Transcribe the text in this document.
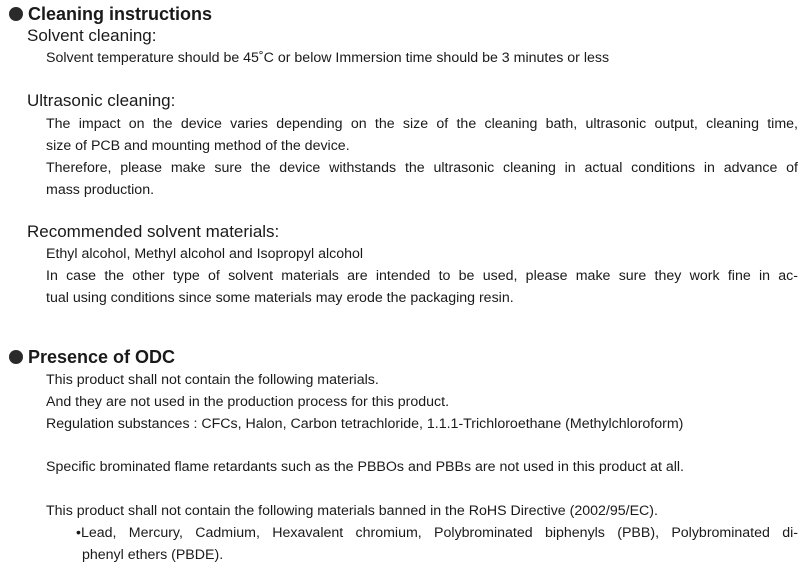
Cleaning instructions
Solvent cleaning:
Solvent temperature should be 45˚C or below Immersion time should be 3 minutes or less
Ultrasonic cleaning:
The impact on the device varies depending on the size of the cleaning bath, ultrasonic output, cleaning time,
size of PCB and mounting method of the device.
Therefore, please make sure the device withstands the ultrasonic cleaning in actual conditions in advance of
mass production.
Recommended solvent materials:
Ethyl alcohol, Methyl alcohol and Isopropyl alcohol
In case the other type of solvent materials are intended to be used, please make sure they work fine in ac-
tual using conditions since some materials may erode the packaging resin.
Presence of ODC
This product shall not contain the following materials.
And they are not used in the production process for this product.
Regulation substances : CFCs, Halon, Carbon tetrachloride, 1.1.1-Trichloroethane (Methylchloroform)
Specific brominated flame retardants such as the PBBOs and PBBs are not used in this product at all.
This product shall not contain the following materials banned in the RoHS Directive (2002/95/EC).
•Lead, Mercury, Cadmium, Hexavalent chromium, Polybrominated biphenyls (PBB), Polybrominated di-
phenyl ethers (PBDE).
